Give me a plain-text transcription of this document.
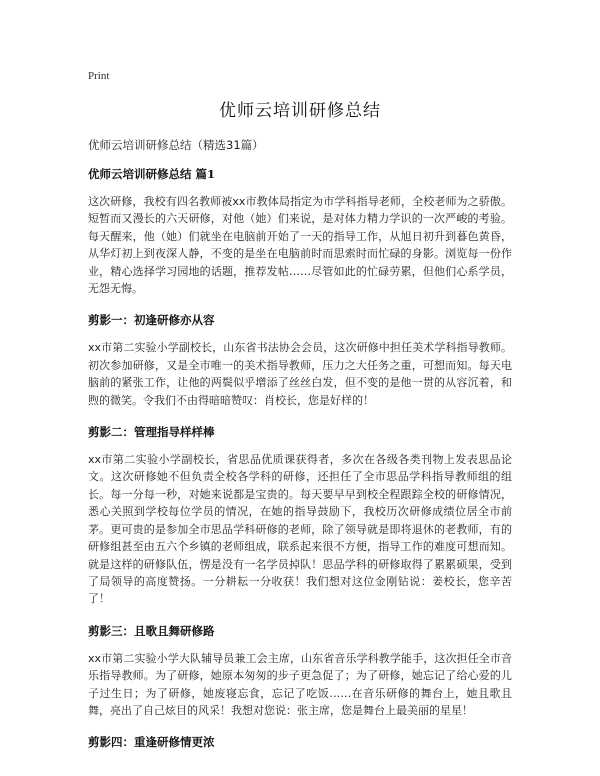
Print
优师云培训研修总结
优师云培训研修总结（精选31篇）
优师云培训研修总结 篇1

这次研修，我校有四名教师被xx市教体局指定为市学科指导老师，全校老师为之骄傲。短暂而又漫长的六天研修，对他（她）们来说，是对体力精力学识的一次严峻的考验。每天醒来，他（她）们就坐在电脑前开始了一天的指导工作，从旭日初升到暮色黄昏，从华灯初上到夜深人静，不变的是坐在电脑前时而思索时而忙碌的身影。浏览每一份作业，精心选择学习园地的话题，推荐发帖……尽管如此的忙碌劳累，但他们心系学员，无怨无悔。

剪影一：初逢研修亦从容

xx市第二实验小学副校长，山东省书法协会会员，这次研修中担任美术学科指导教师。初次参加研修，又是全市唯一的美术指导教师，压力之大任务之重，可想而知。每天电脑前的紧张工作，让他的两鬓似乎增添了丝丝白发，但不变的是他一贯的从容沉着，和煦的微笑。令我们不由得暗暗赞叹：肖校长，您是好样的！

剪影二：管理指导样样棒

xx市第二实验小学副校长，省思品优质课获得者，多次在各级各类刊物上发表思品论文。这次研修她不但负责全校各学科的研修，还担任了全市思品学科指导教师组的组长。每一分每一秒，对她来说都是宝贵的。每天要早早到校全程跟踪全校的研修情况，悉心关照到学校每位学员的情况，在她的指导鼓励下，我校历次研修成绩位居全市前茅。更可贵的是参加全市思品学科研修的老师，除了领导就是即将退休的老教师，有的研修组甚至由五六个乡镇的老师组成，联系起来很不方便，指导工作的难度可想而知。就是这样的研修队伍，愣是没有一名学员掉队！思品学科的研修取得了累累硕果，受到了局领导的高度赞扬。一分耕耘一分收获！我们想对这位金刚钻说：姜校长，您辛苦了！

剪影三：且歌且舞研修路

xx市第二实验小学大队辅导员兼工会主席，山东省音乐学科教学能手，这次担任全市音乐指导教师。为了研修，她原本匆匆的步子更急促了；为了研修，她忘记了给心爱的儿子过生日；为了研修，她废寝忘食，忘记了吃饭……在音乐研修的舞台上，她且歌且舞，亮出了自己炫目的风采！我想对您说：张主席，您是舞台上最美丽的星星！

剪影四：重逢研修情更浓
